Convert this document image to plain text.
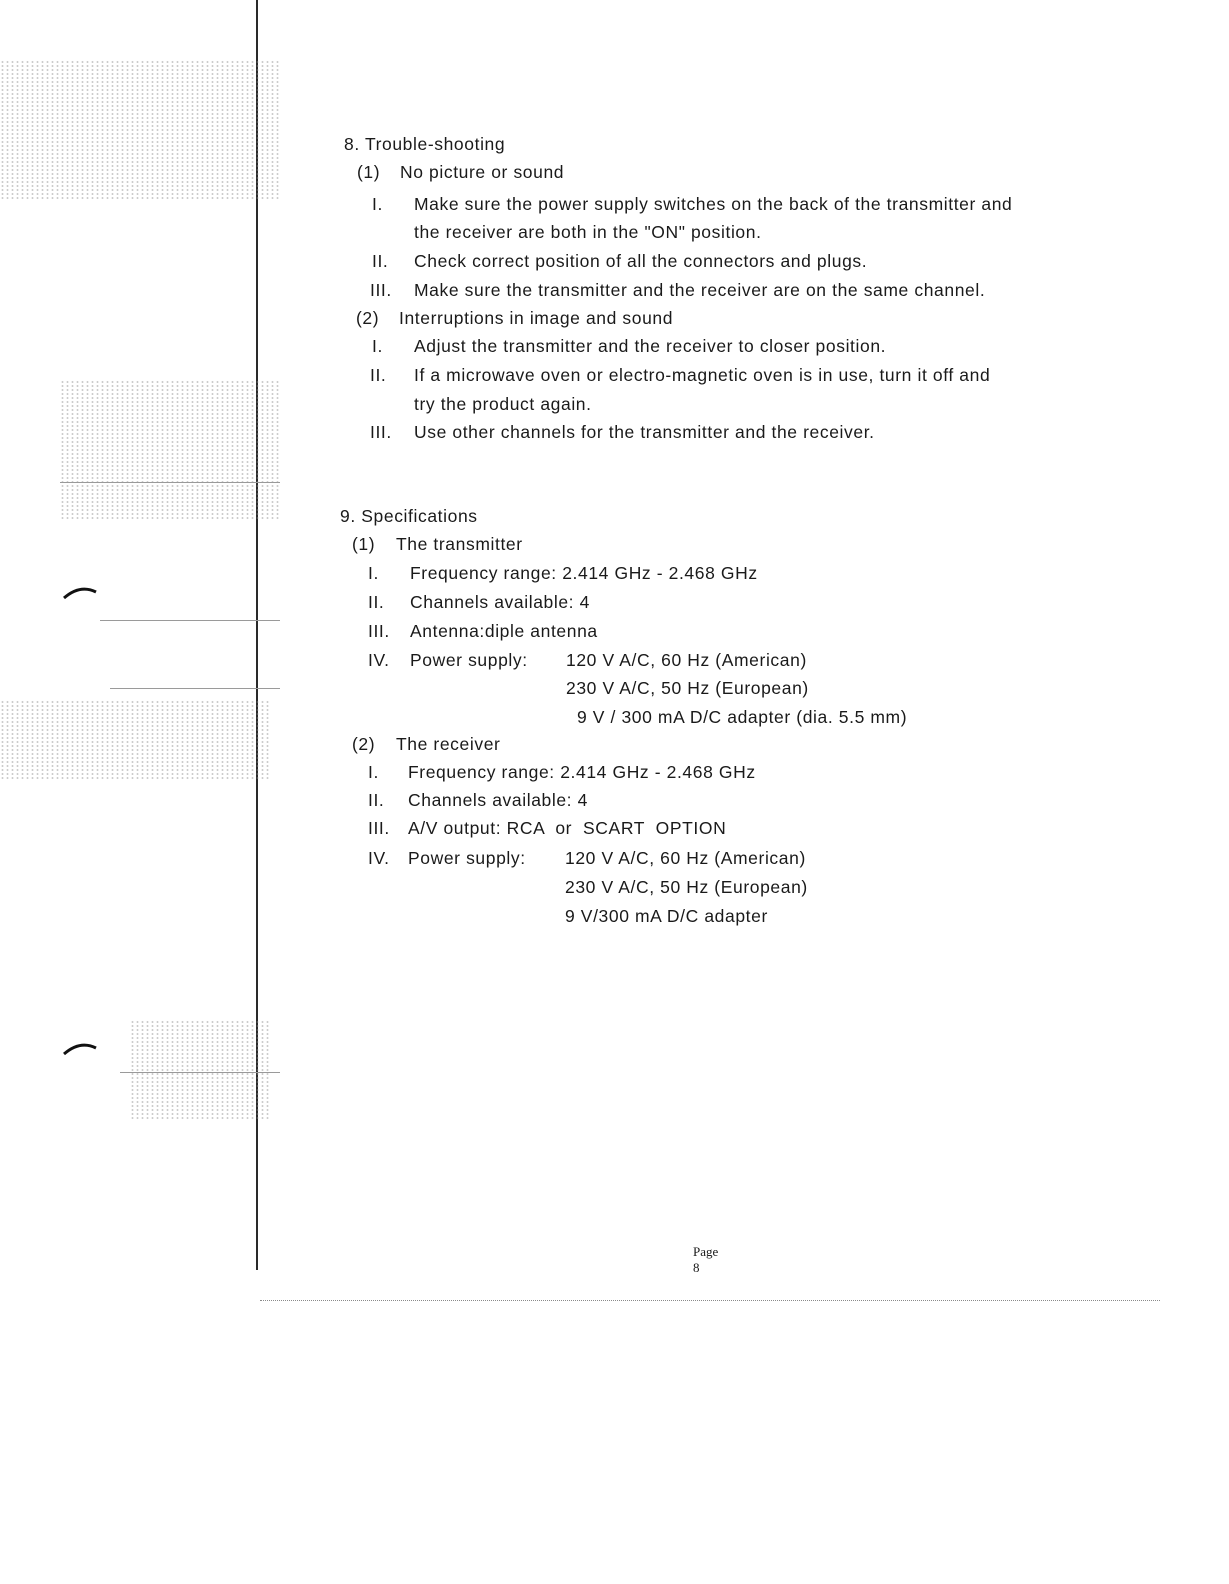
8. Trouble-shooting
(1) No picture or sound
I. Make sure the power supply switches on the back of the transmitter and
the receiver are both in the "ON" position.
II. Check correct position of all the connectors and plugs.
III. Make sure the transmitter and the receiver are on the same channel.
(2) Interruptions in image and sound
I. Adjust the transmitter and the receiver to closer position.
II. If a microwave oven or electro-magnetic oven is in use, turn it off and
try the product again.
III. Use other channels for the transmitter and the receiver.
9. Specifications
(1) The transmitter
I. Frequency range: 2.414 GHz - 2.468 GHz
II. Channels available: 4
III. Antenna:diple antenna
IV. Power supply: 120 V A/C, 60 Hz (American)
230 V A/C, 50 Hz (European)
9 V / 300 mA D/C adapter (dia. 5.5 mm)
(2) The receiver
I. Frequency range: 2.414 GHz - 2.468 GHz
II. Channels available: 4
III. A/V output: RCA  or  SCART  OPTION
IV. Power supply: 120 V A/C, 60 Hz (American)
230 V A/C, 50 Hz (European)
9 V/300 mA D/C adapter
Page 8
